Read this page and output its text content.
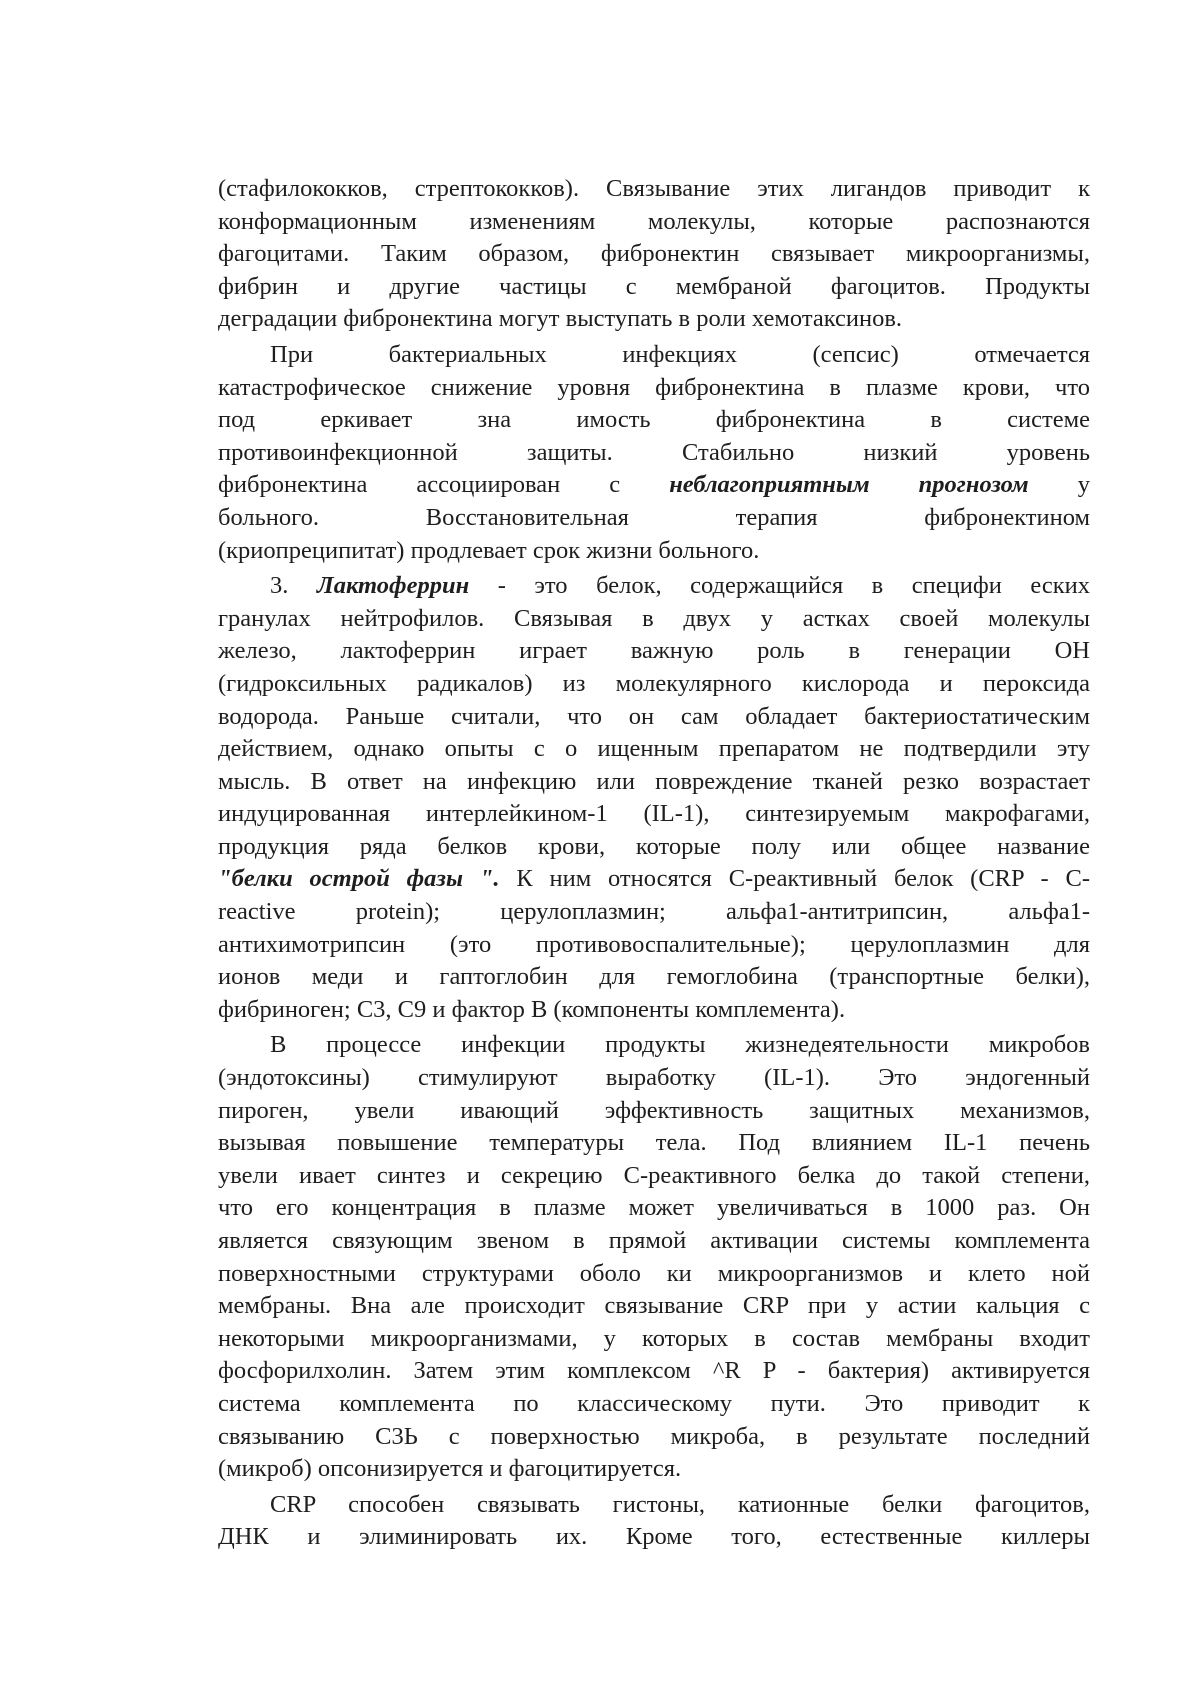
(стафилококков, стрептококков). Связывание этих лигандов приводит к
конформационным изменениям молекулы, которые распознаются
фагоцитами. Таким образом, фибронектин связывает микроорганизмы,
фибрин и другие частицы с мембраной фагоцитов. Продукты
деградации фибронектина могут выступать в роли хемотаксинов.
При бактериальных инфекциях (сепсис) отмечается
катастрофическое снижение уровня фибронектина в плазме крови, что
под еркивает зна имость фибронектина в системе
противоинфекционной защиты. Стабильно низкий уровень
фибронектина ассоциирован с неблагоприятным прогнозом у
больного. Восстановительная терапия фибронектином
(криопреципитат) продлевает срок жизни больного.
3. Лактоферрин - это белок, содержащийся в специфи еских
гранулах нейтрофилов. Связывая в двух у астках своей молекулы
железо, лактоферрин играет важную роль в генерации ОН
(гидроксильных радикалов) из молекулярного кислорода и пероксида
водорода. Раньше считали, что он сам обладает бактериостатическим
действием, однако опыты с о ищенным препаратом не подтвердили эту
мысль. В ответ на инфекцию или повреждение тканей резко возрастает
индуцированная интерлейкином-1 (IL-1), синтезируемым макрофагами,
продукция ряда белков крови, которые полу или общее название
"белки острой фазы ". К ним относятся С-реактивный белок (CRP - C-
reactive protein); церулоплазмин; альфа1-антитрипсин, альфа1-
антихимотрипсин (это противовоспалительные); церулоплазмин для
ионов меди и гаптоглобин для гемоглобина (транспортные белки),
фибриноген; С3, С9 и фактор В (компоненты комплемента).
В процессе инфекции продукты жизнедеятельности микробов
(эндотоксины) стимулируют выработку (IL-1). Это эндогенный
пироген, увели ивающий эффективность защитных механизмов,
вызывая повышение температуры тела. Под влиянием IL-1 печень
увели ивает синтез и секрецию С-реактивного белка до такой степени,
что его концентрация в плазме может увеличиваться в 1000 раз. Он
является связующим звеном в прямой активации системы комплемента
поверхностными структурами оболо ки микроорганизмов и клето ной
мембраны. Вна але происходит связывание CRP при у астии кальция с
некоторыми микроорганизмами, у которых в состав мембраны входит
фосфорилхолин. Затем этим комплексом ^R P - бактерия) активируется
система комплемента по классическому пути. Это приводит к
связыванию С3Ь с поверхностью микроба, в результате последний
(микроб) опсонизируется и фагоцитируется.
CRP способен связывать гистоны, катионные белки фагоцитов,
ДНК и элиминировать их. Кроме того, естественные киллеры
